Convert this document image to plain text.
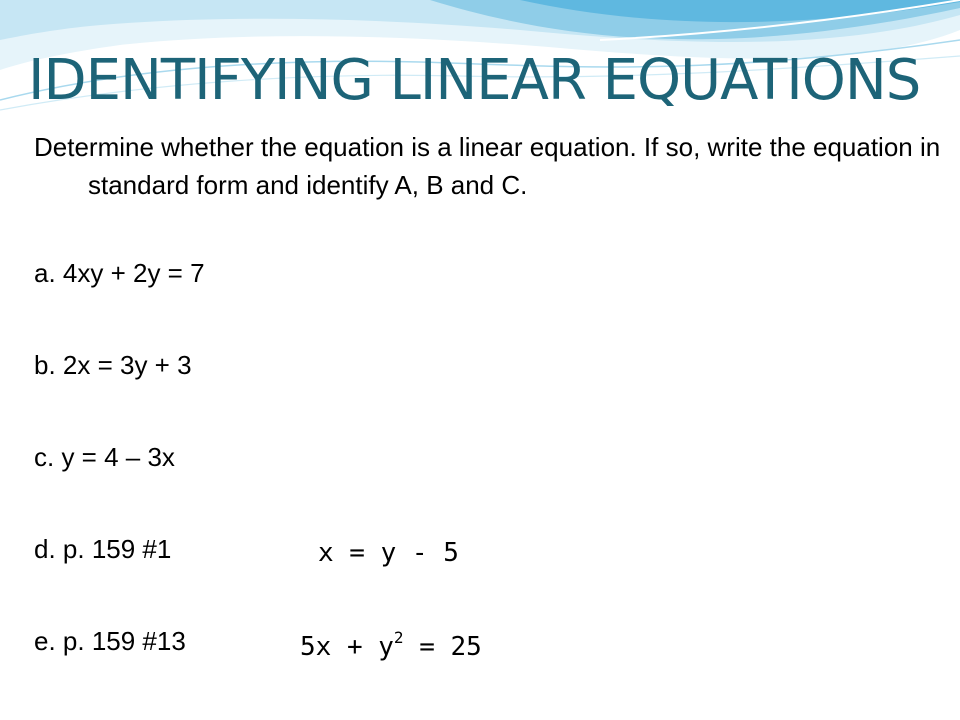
IDENTIFYING LINEAR EQUATIONS

Determine whether the equation is a linear equation. If so, write the equation in standard form and identify A, B and C.

a. 4xy + 2y = 7

b. 2x = 3y + 3

c. y = 4 – 3x

d. p. 159 #1	x = y - 5

e. p. 159 #13	$5x + y^2 = 25$
